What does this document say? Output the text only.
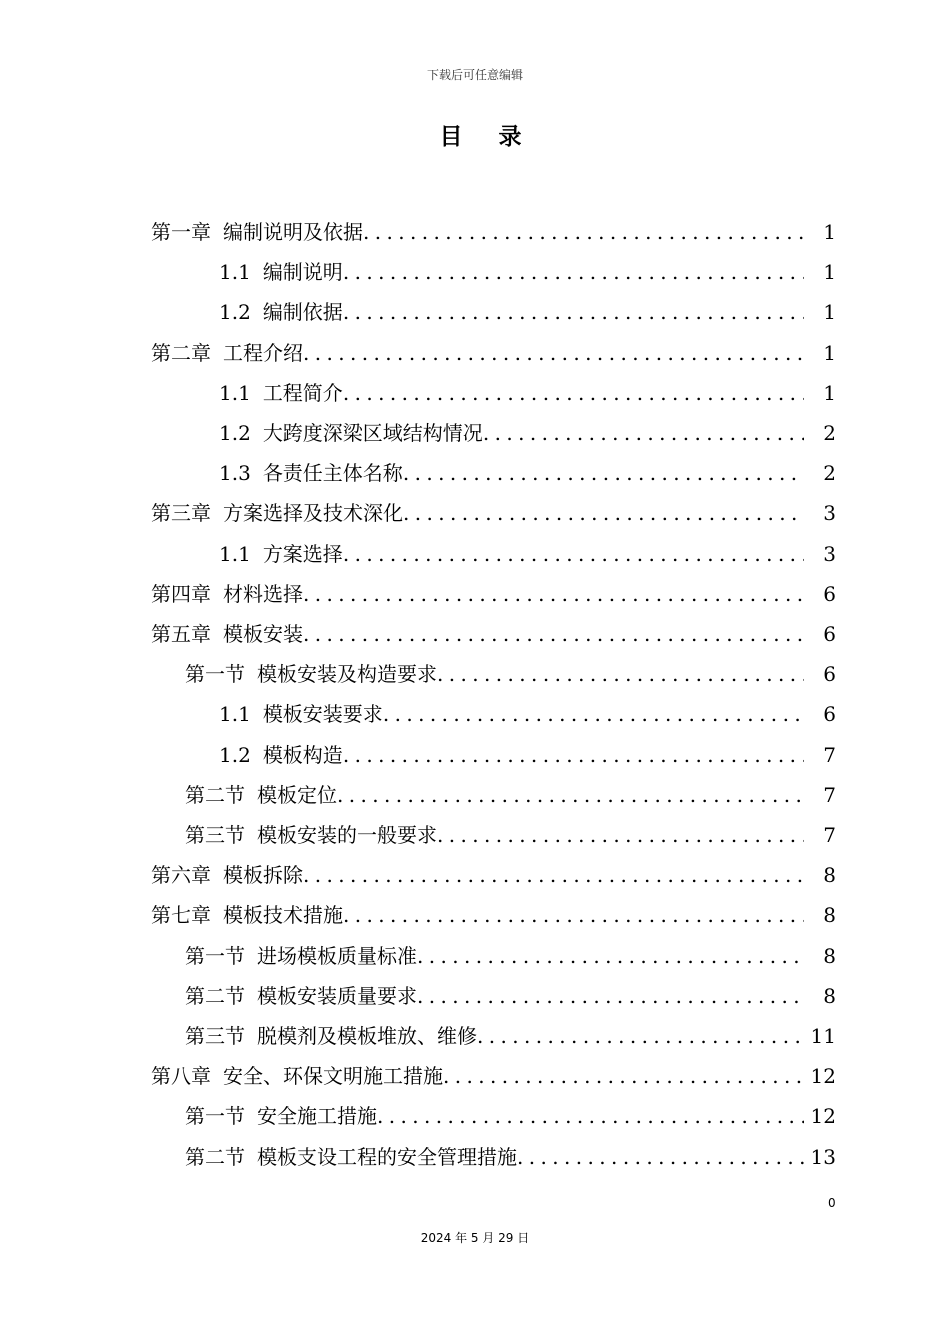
下载后可任意编辑
目 录
第一章 编制说明及依据 .....	1
1.1 编制说明 .....	1
1.2 编制依据 .....	1
第二章 工程介绍 .....	1
1.1 工程简介 .....	1
1.2 大跨度深梁区域结构情况 .....	2
1.3 各责任主体名称 .....	2
第三章 方案选择及技术深化 .....	3
1.1 方案选择 .....	3
第四章 材料选择 .....	6
第五章 模板安装 .....	6
第一节 模板安装及构造要求 .....	6
1.1 模板安装要求 .....	6
1.2 模板构造 .....	7
第二节 模板定位 .....	7
第三节 模板安装的一般要求 .....	7
第六章 模板拆除 .....	8
第七章 模板技术措施 .....	8
第一节 进场模板质量标准 .....	8
第二节 模板安装质量要求 .....	8
第三节 脱模剂及模板堆放、维修 .....	11
第八章 安全、环保文明施工措施 .....	12
第一节 安全施工措施 .....	12
第二节 模板支设工程的安全管理措施 .....	13
0
2024 年 5 月 29 日
